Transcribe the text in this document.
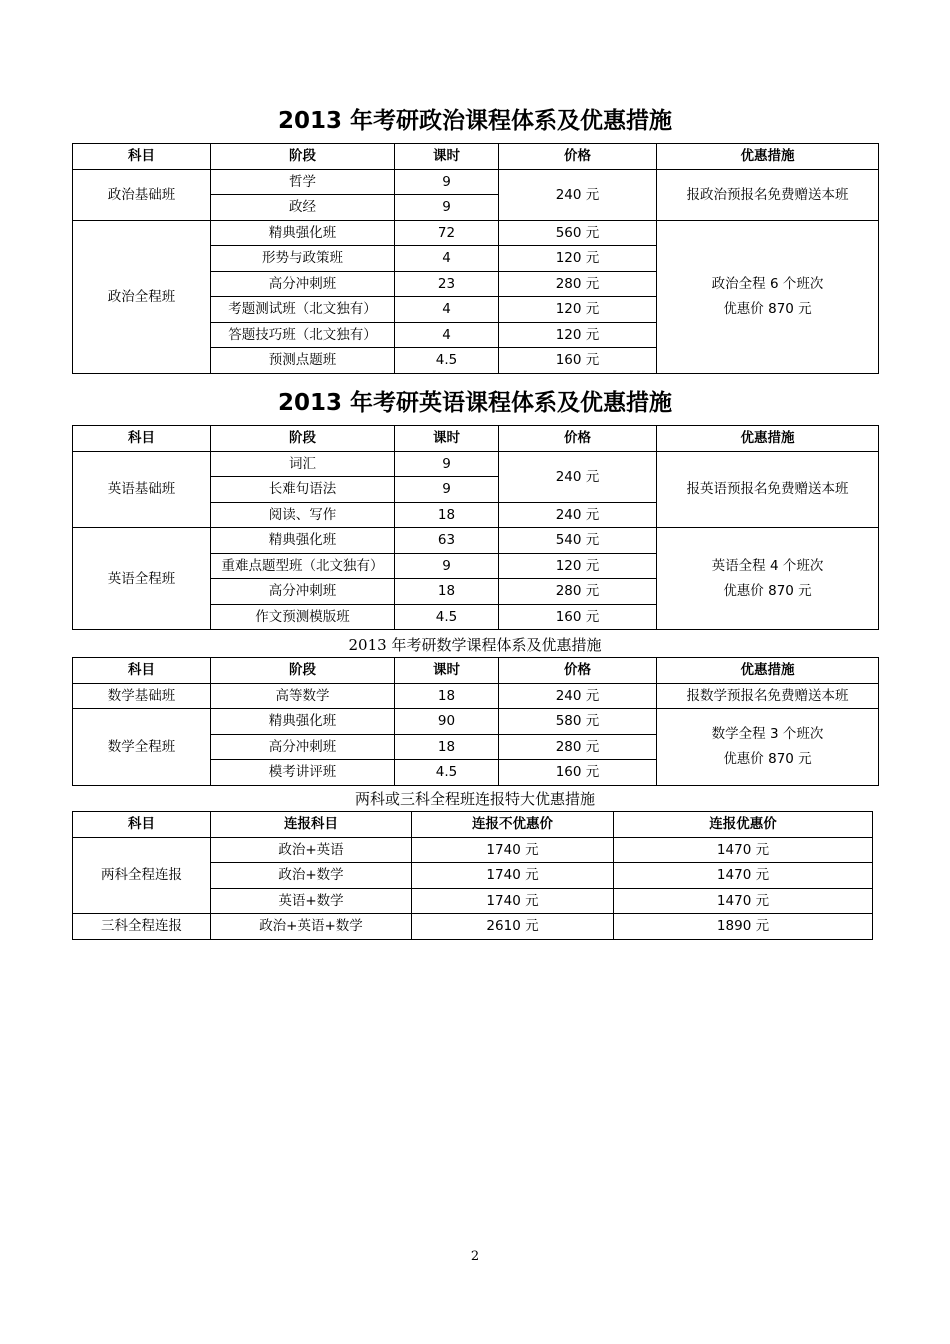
2013 年考研政治课程体系及优惠措施
科目	阶段	课时	价格	优惠措施
政治基础班	哲学	9	240 元	报政治预报名免费赠送本班
	政经	9		
政治全程班	精典强化班	72	560 元	政治全程 6 个班次
优惠价 870 元

	形势与政策班	4	120 元	
	高分冲刺班	23	280 元	
	考题测试班（北文独有）	4	120 元	
	答题技巧班（北文独有）	4	120 元	
	预测点题班	4.5	160 元	
2013 年考研英语课程体系及优惠措施
科目	阶段	课时	价格	优惠措施
英语基础班	词汇	9	240 元	报英语预报名免费赠送本班
	长难句语法	9		
	阅读、写作	18	240 元	
英语全程班	精典强化班	63	540 元	英语全程 4 个班次
优惠价 870 元

	重难点题型班（北文独有）	9	120 元	
	高分冲刺班	18	280 元	
	作文预测模版班	4.5	160 元	
2013 年考研数学课程体系及优惠措施
科目	阶段	课时	价格	优惠措施
数学基础班	高等数学	18	240 元	报数学预报名免费赠送本班
数学全程班	精典强化班	90	580 元	数学全程 3 个班次
优惠价 870 元

	高分冲刺班	18	280 元	
	模考讲评班	4.5	160 元	
两科或三科全程班连报特大优惠措施
科目	连报科目	连报不优惠价	连报优惠价
两科全程连报	政治+英语	1740 元	1470 元
	政治+数学	1740 元	1470 元
	英语+数学	1740 元	1470 元
三科全程连报	政治+英语+数学	2610 元	1890 元
2
